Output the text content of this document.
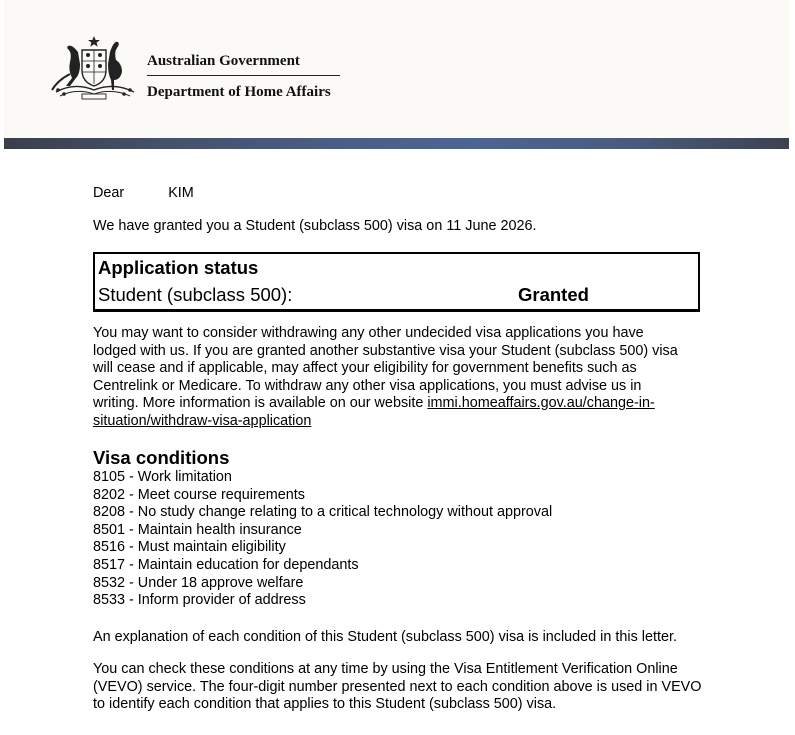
Australian Government
Department of Home Affairs
Dear	KIM
We have granted you a Student (subclass 500) visa on 11 June 2026.
Application status
Student (subclass 500):	Granted
You may want to consider withdrawing any other undecided visa applications you have lodged with us. If you are granted another substantive visa your Student (subclass 500) visa will cease and if applicable, may affect your eligibility for government benefits such as Centrelink or Medicare. To withdraw any other visa applications, you must advise us in writing. More information is available on our website immi.homeaffairs.gov.au/change-in-situation/withdraw-visa-application
Visa conditions
8105 - Work limitation
8202 - Meet course requirements
8208 - No study change relating to a critical technology without approval
8501 - Maintain health insurance
8516 - Must maintain eligibility
8517 - Maintain education for dependants
8532 - Under 18 approve welfare
8533 - Inform provider of address
An explanation of each condition of this Student (subclass 500) visa is included in this letter.
You can check these conditions at any time by using the Visa Entitlement Verification Online (VEVO) service. The four-digit number presented next to each condition above is used in VEVO to identify each condition that applies to this Student (subclass 500) visa.
